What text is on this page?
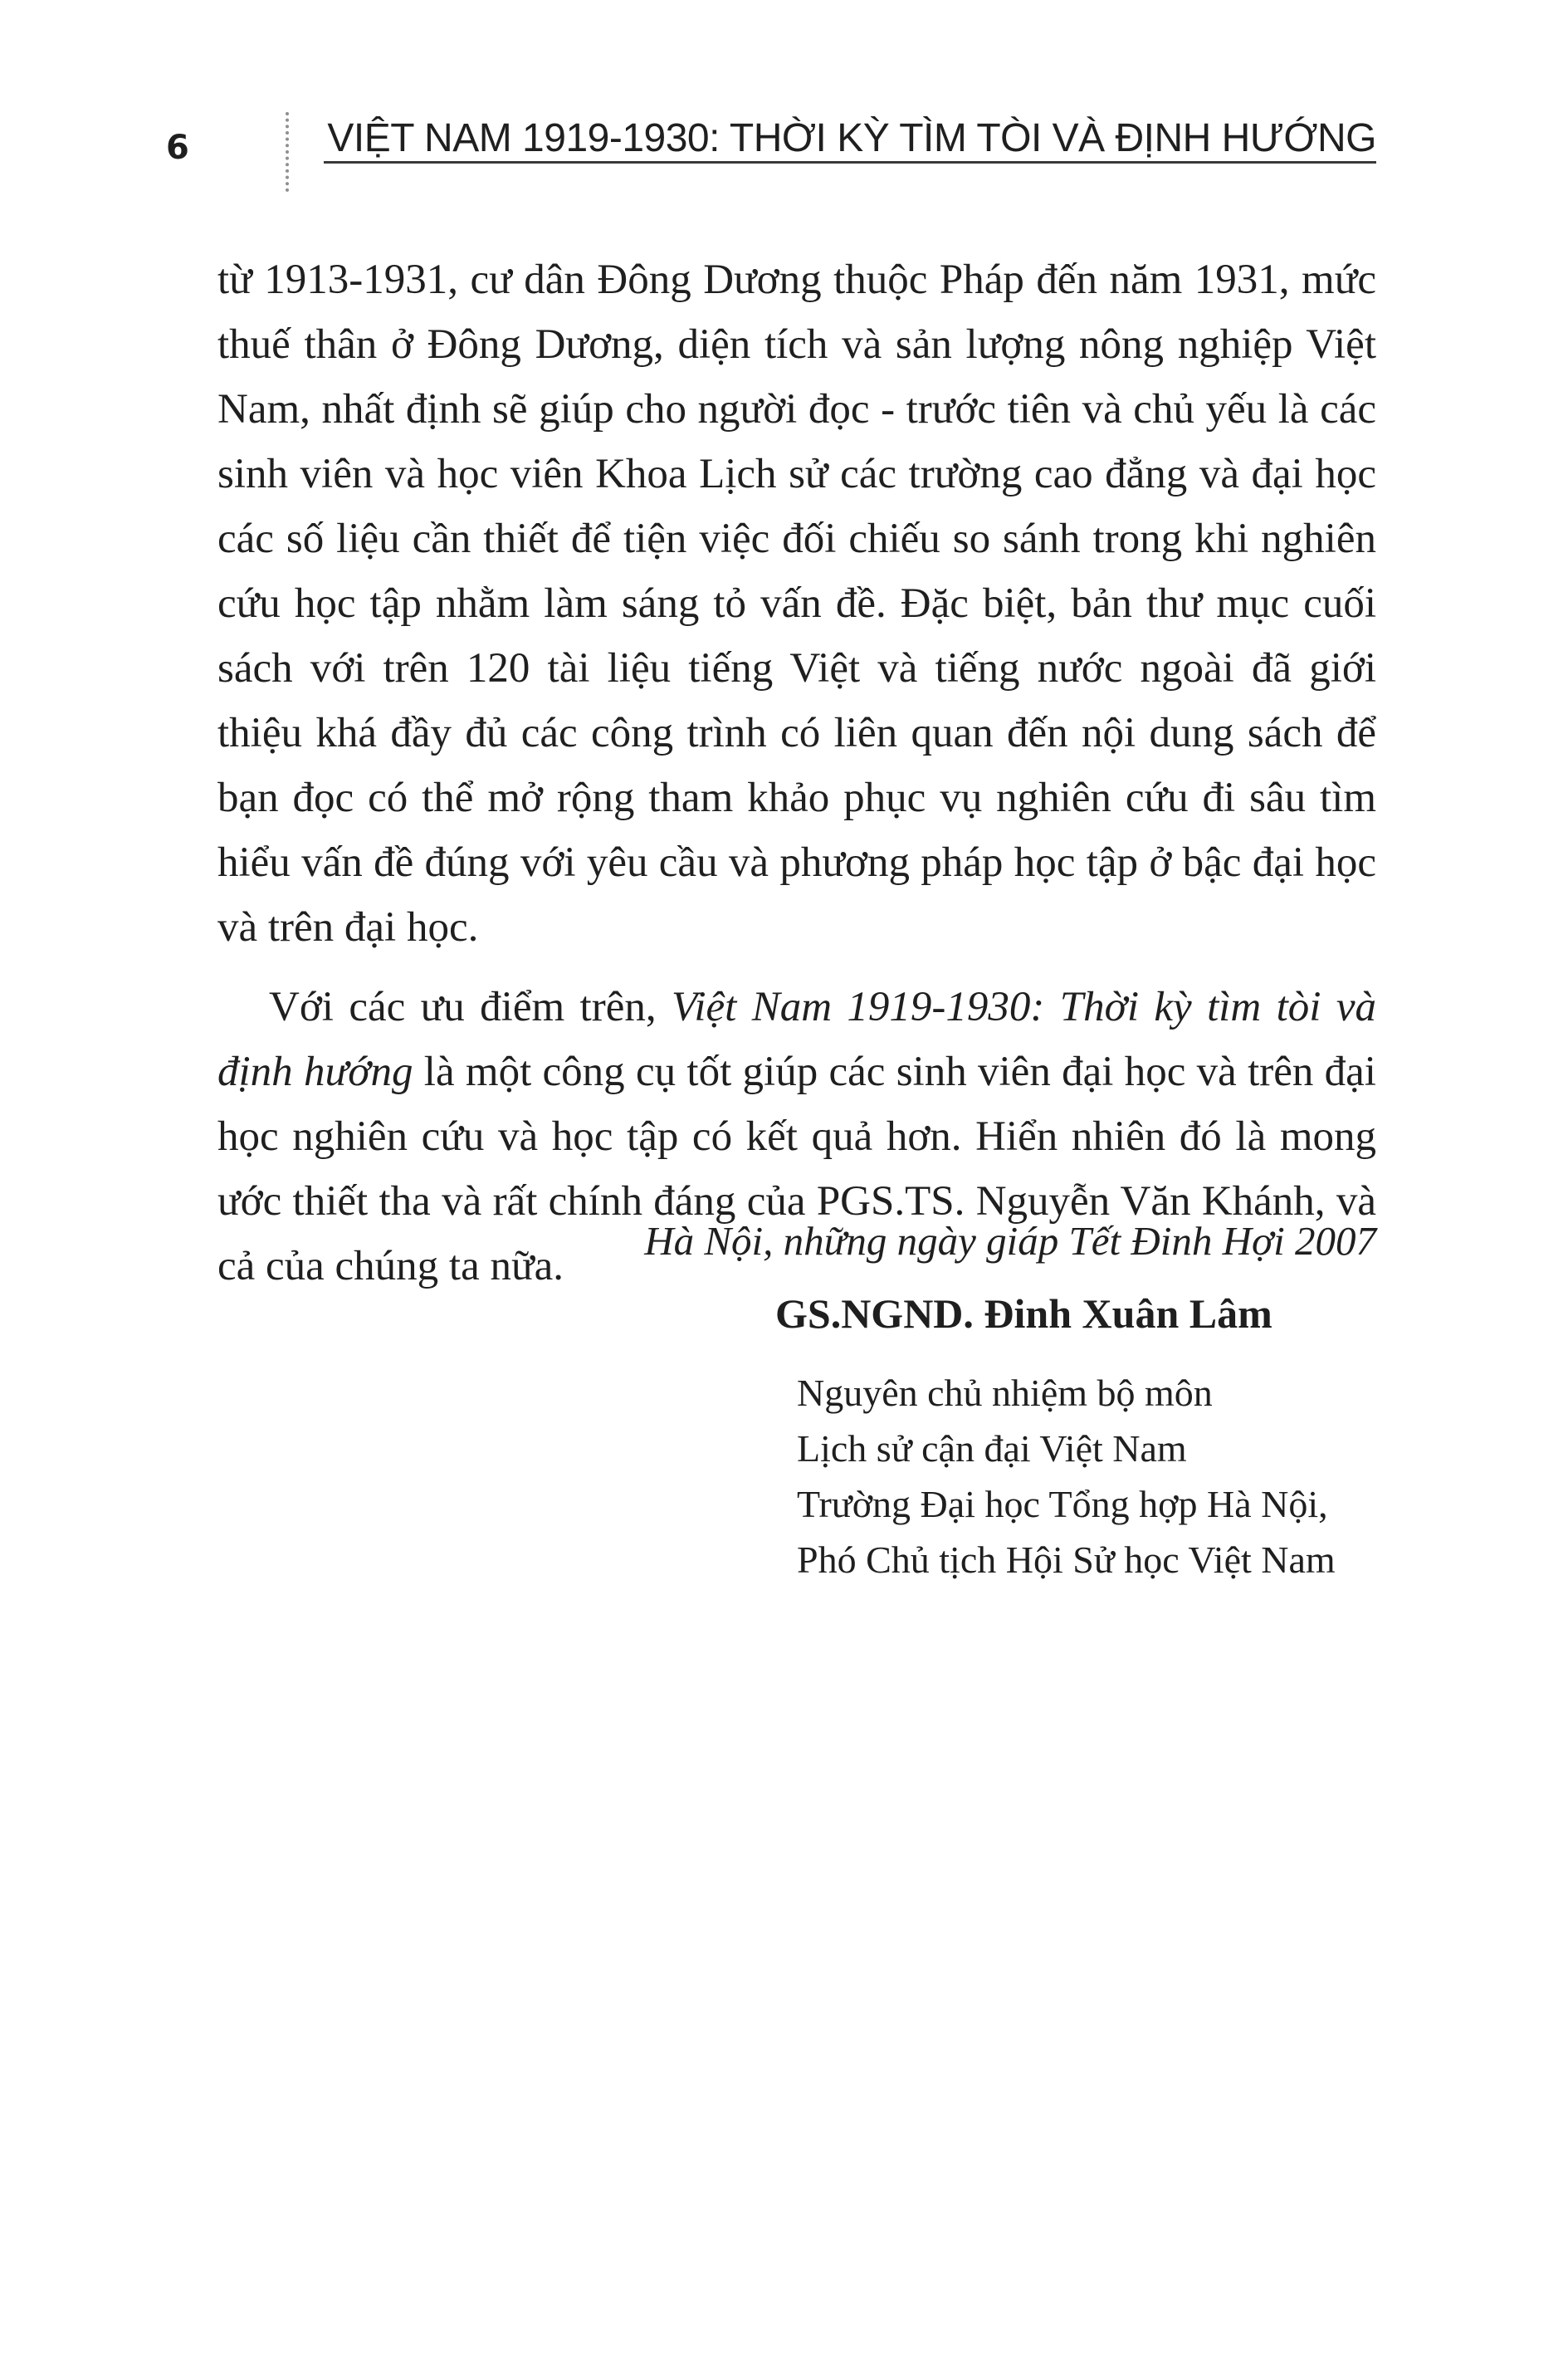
6	VIỆT NAM 1919-1930: THỜI KỲ TÌM TÒI VÀ ĐỊNH HƯỚNG

từ 1913-1931, cư dân Đông Dương thuộc Pháp đến năm 1931, mức thuế thân ở Đông Dương, diện tích và sản lượng nông nghiệp Việt Nam, nhất định sẽ giúp cho người đọc - trước tiên và chủ yếu là các sinh viên và học viên Khoa Lịch sử các trường cao đẳng và đại học các số liệu cần thiết để tiện việc đối chiếu so sánh trong khi nghiên cứu học tập nhằm làm sáng tỏ vấn đề. Đặc biệt, bản thư mục cuối sách với trên 120 tài liệu tiếng Việt và tiếng nước ngoài đã giới thiệu khá đầy đủ các công trình có liên quan đến nội dung sách để bạn đọc có thể mở rộng tham khảo phục vụ nghiên cứu đi sâu tìm hiểu vấn đề đúng với yêu cầu và phương pháp học tập ở bậc đại học và trên đại học.

Với các ưu điểm trên, Việt Nam 1919-1930: Thời kỳ tìm tòi và định hướng là một công cụ tốt giúp các sinh viên đại học và trên đại học nghiên cứu và học tập có kết quả hơn. Hiển nhiên đó là mong ước thiết tha và rất chính đáng của PGS.TS. Nguyễn Văn Khánh, và cả của chúng ta nữa.

Hà Nội, những ngày giáp Tết Đinh Hợi 2007
GS.NGND. Đinh Xuân Lâm
Nguyên chủ nhiệm bộ môn
Lịch sử cận đại Việt Nam
Trường Đại học Tổng hợp Hà Nội,
Phó Chủ tịch Hội Sử học Việt Nam
